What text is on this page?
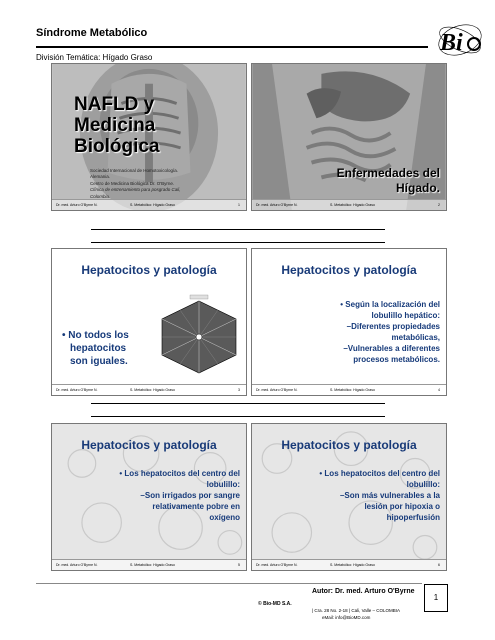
Síndrome Metabólico
División Temática: Hígado Graso
Bi
NAFLD y
Medicina Biológica
Sociedad Internacional de Homotoxicología.
Alemania.
Centro de Medicina Biológica Dr. O'Byrne.
Clínica de entrenamiento para posgrado Cali,
Colombia.
Dr. med. Arturo O'Byrne N.	S. Metabólico: Hígado Graso	1
Enfermedades del
Hígado.
Dr. med. Arturo O'Byrne N.	S. Metabólico: Hígado Graso	2
Hepatocitos y patología
• No todos los
hepatocitos
son iguales.
Dr. med. Arturo O'Byrne N.	S. Metabólico: Hígado Graso	3
Hepatocitos y patología
• Según la localización del
lobulillo hepático:
–Diferentes propiedades
metabólicas,
–Vulnerables a diferentes
procesos metabólicos.
Dr. med. Arturo O'Byrne N.	S. Metabólico: Hígado Graso	4
Hepatocitos y patología
• Los hepatocitos del centro del
lobulillo:
–Son irrigados por sangre
relativamente pobre en
oxígeno
Dr. med. Arturo O'Byrne N.	S. Metabólico: Hígado Graso	5
Hepatocitos y patología
• Los hepatocitos del centro del
lobulillo:
–Son más vulnerables a la
lesión por hipoxia o
hipoperfusión
Dr. med. Arturo O'Byrne N.	S. Metabólico: Hígado Graso	6
Autor: Dr. med. Arturo O'Byrne
© Bio-MD S.A.
| Cra. 28 No. 2-18 | Cali, Valle – COLOMBIA
eMail: info@BioMD.com
1
